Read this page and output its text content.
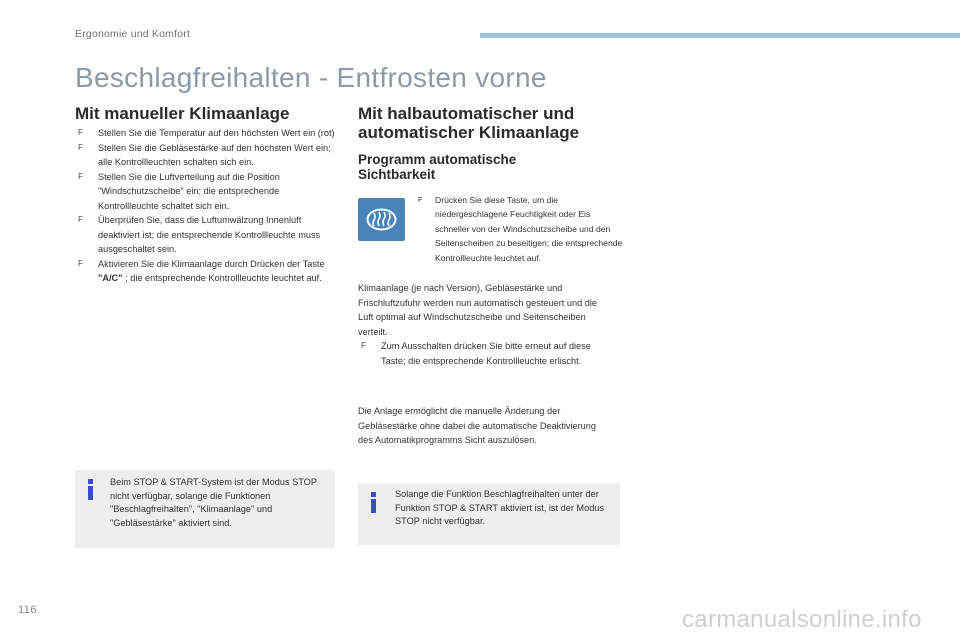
Ergonomie und Komfort
Beschlagfreihalten - Entfrosten vorne
Mit manueller Klimaanlage
F Stellen Sie die Temperatur auf den höchsten Wert ein (rot)
F Stellen Sie die Gebläsestärke auf den höchsten Wert ein; alle Kontrollleuchten schalten sich ein.
F Stellen Sie die Luftverteilung auf die Position "Windschutzscheibe" ein; die entsprechende Kontrollleuchte schaltet sich ein.
F Überprüfen Sie, dass die Luftumwälzung Innenluft deaktiviert ist; die entsprechende Kontrollleuchte muss ausgeschaltet sein.
F Aktivieren Sie die Klimaanlage durch Drücken der Taste "A/C" ; die entsprechende Kontrollleuchte leuchtet auf.
Beim STOP & START-System ist der Modus STOP nicht verfügbar, solange die Funktionen "Beschlagfreihalten", "Klimaanlage" und "Gebläsestärke" aktiviert sind.
Mit halbautomatischer und automatischer Klimaanlage
Programm automatische Sichtbarkeit
F Drücken Sie diese Taste, um die niedergeschlagene Feuchtigkeit oder Eis schneller von der Windschutzscheibe und den Seitenscheiben zu beseitigen; die entsprechende Kontrollleuchte leuchtet auf.

Klimaanlage (je nach Version), Gebläsestärke und Frischluftzufuhr werden nun automatisch gesteuert und die Luft optimal auf Windschutzscheibe und Seitenscheiben verteilt.

F Zum Ausschalten drücken Sie bitte erneut auf diese Taste; die entsprechende Kontrollleuchte erlischt.

Die Anlage ermöglicht die manuelle Änderung der Gebläsestärke ohne dabei die automatische Deaktivierung des Automatikprogramms Sicht auszulösen.

Solange die Funktion Beschlagfreihalten unter der Funktion STOP & START aktiviert ist, ist der Modus STOP nicht verfügbar.
116	carmanualsonline.info
